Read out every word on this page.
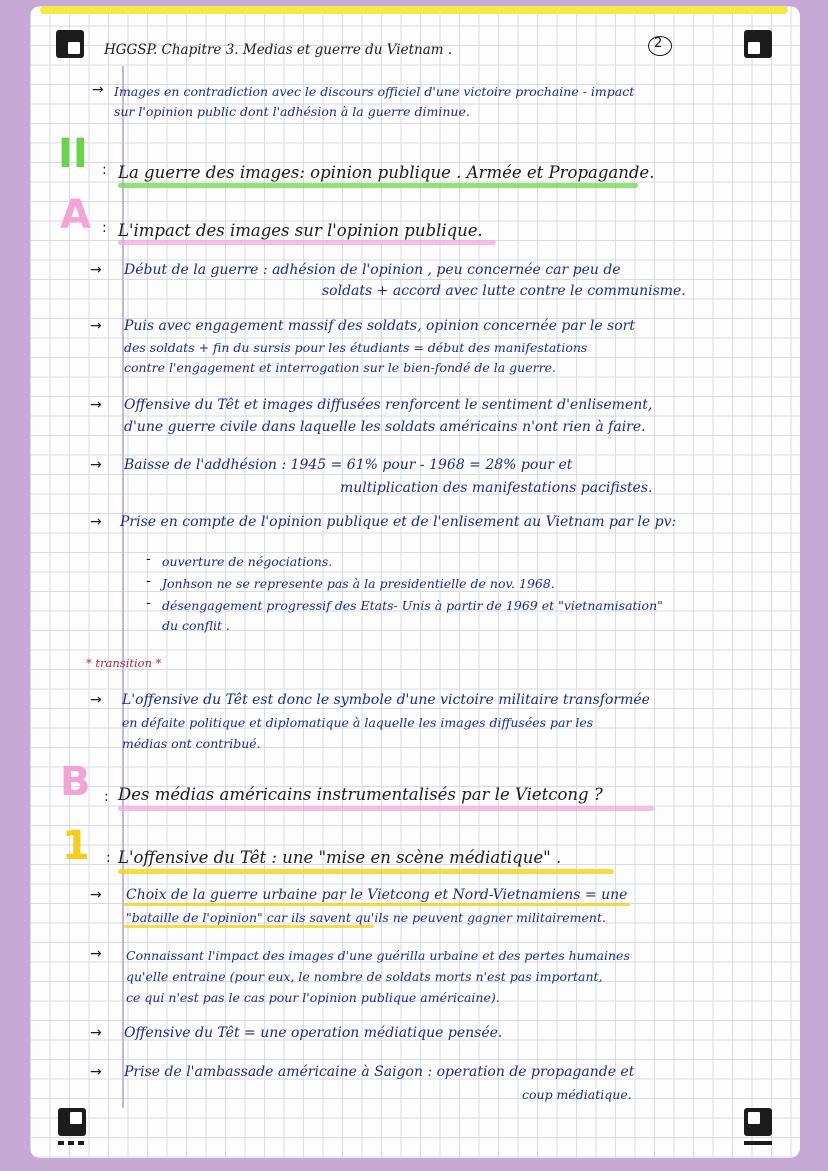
HGGSP. Chapitre 3. Medias et guerre du Vietnam .	2
→ Images en contradiction avec le discours officiel d'une victoire prochaine - impact
sur l'opinion public dont l'adhésion à la guerre diminue.
II : La guerre des images: opinion publique . Armée et Propagande.
A : L'impact des images sur l'opinion publique.
→ Début de la guerre : adhésion de l'opinion , peu concernée car peu de
soldats + accord avec lutte contre le communisme.
→ Puis avec engagement massif des soldats, opinion concernée par le sort
des soldats + fin du sursis pour les étudiants = début des manifestations
contre l'engagement et interrogation sur le bien-fondé de la guerre.
→ Offensive du Têt et images diffusées renforcent le sentiment d'enlisement,
d'une guerre civile dans laquelle les soldats américains n'ont rien à faire.
→ Baisse de l'addhésion : 1945 = 61% pour - 1968 = 28% pour et
multiplication des manifestations pacifistes.
→ Prise en compte de l'opinion publique et de l'enlisement au Vietnam par le pv:
- ouverture de négociations.
- Jonhson ne se represente pas à la presidentielle de nov. 1968.
- désengagement progressif des Etats- Unis à partir de 1969 et "vietnamisation"
du conflit .
* transition *
→ L'offensive du Têt est donc le symbole d'une victoire militaire transformée
en défaite politique et diplomatique à laquelle les images diffusées par les
médias ont contribué.
B : Des médias américains instrumentalisés par le Vietcong ?
1 : L'offensive du Têt : une "mise en scène médiatique" .
→ Choix de la guerre urbaine par le Vietcong et Nord-Vietnamiens = une
"bataille de l'opinion" car ils savent qu'ils ne peuvent gagner militairement.
→ Connaissant l'impact des images d'une guérilla urbaine et des pertes humaines
qu'elle entraine (pour eux, le nombre de soldats morts n'est pas important,
ce qui n'est pas le cas pour l'opinion publique américaine).
→ Offensive du Têt = une operation médiatique pensée.
→ Prise de l'ambassade américaine à Saigon : operation de propagande et
coup médiatique.
